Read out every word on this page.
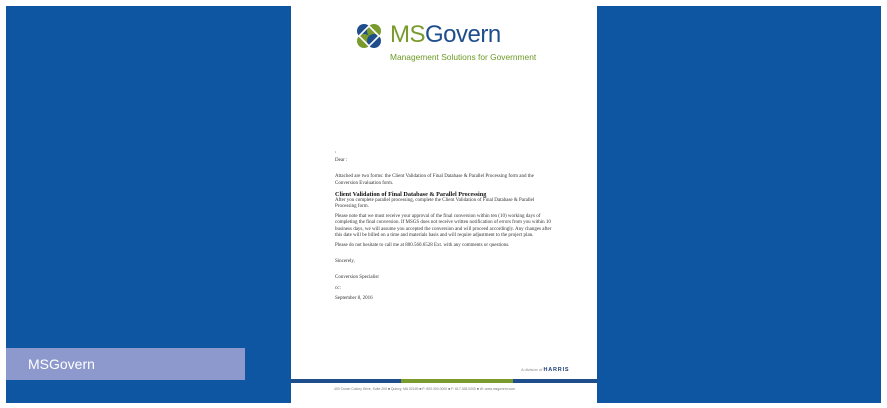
MSGovern
MSGovern
Management Solutions for Government

,

Dear :

Attached are two forms: the Client Validation of Final Database & Parallel Processing form and the Conversion Evaluation form.

Client Validation of Final Database & Parallel Processing

After you complete parallel processing, complete the Client Validation of Final Database & Parallel Processing form.

Please note that we must receive your approval of the final conversion within ten (10) working days of completing the final conversion. If MSGS does not receive written notification of errors from you within 10 business days, we will assume you accepted the conversion and will proceed accordingly. Any changes after this date will be billed on a time and materials basis and will require adjustment to the project plan.

Please do not hesitate to call me at 800.560.6528 Ext. with any comments or questions.

Sincerely,

Conversion Specialist

cc:

September 8, 2016

A division of HARRIS
400 Crown Colony Drive, Suite 200 ■ Quincy, MA 02169 ■ P: 800.000.0000 ■ F: 617.328.0000 ■ W: www.msgovern.com
